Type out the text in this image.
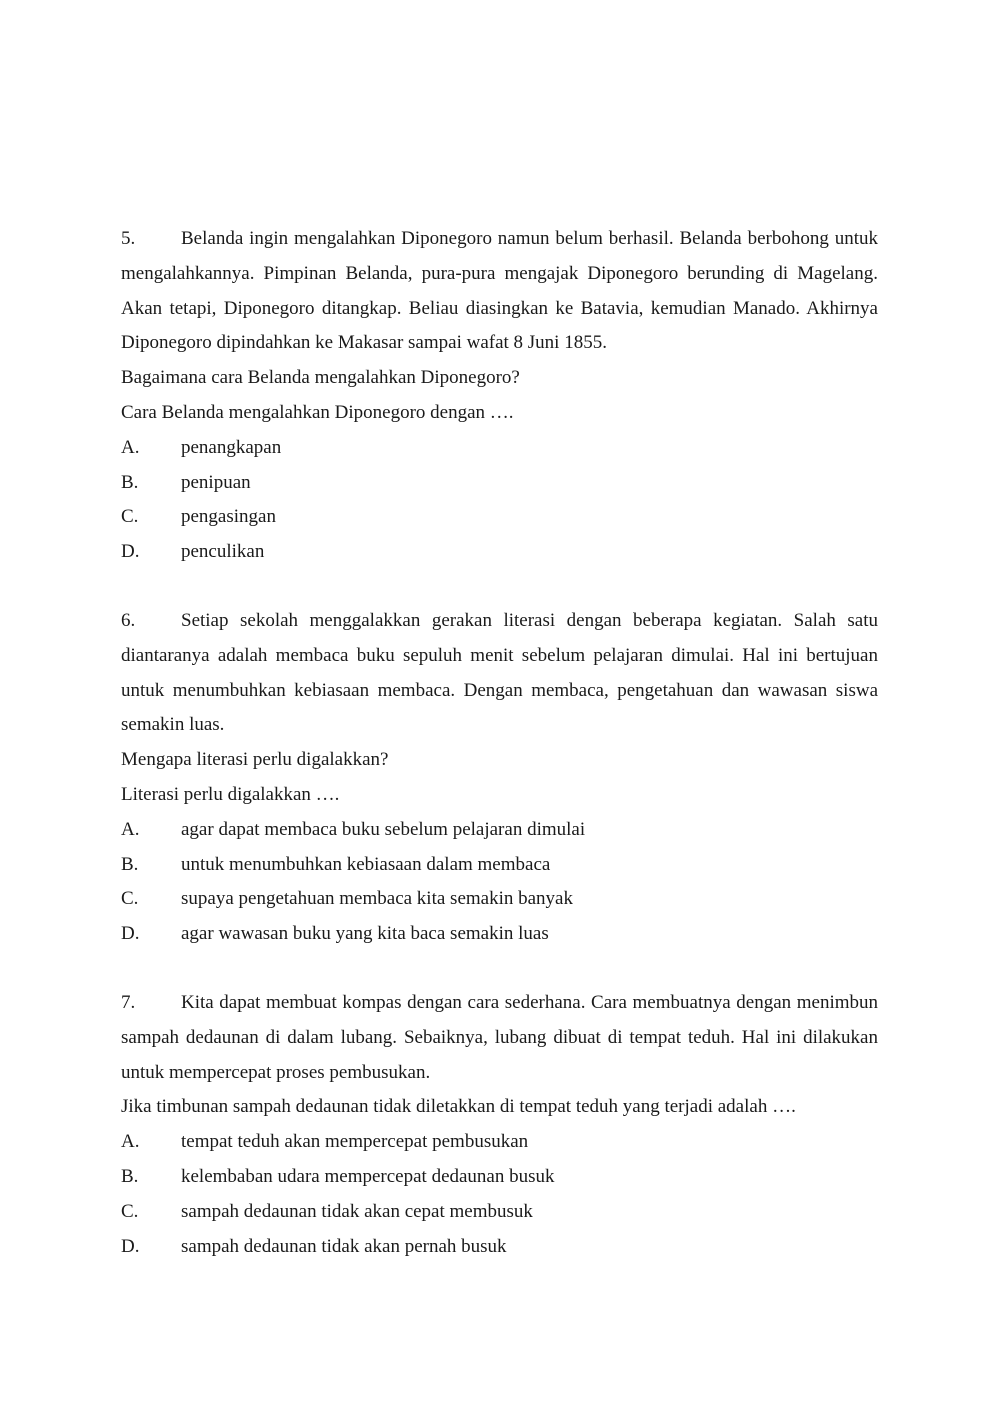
5. Belanda ingin mengalahkan Diponegoro namun belum berhasil. Belanda berbohong untuk mengalahkannya. Pimpinan Belanda, pura-pura mengajak Diponegoro berunding di Magelang. Akan tetapi, Diponegoro ditangkap. Beliau diasingkan ke Batavia, kemudian Manado. Akhirnya Diponegoro dipindahkan ke Makasar sampai wafat 8 Juni 1855.

Bagaimana cara Belanda mengalahkan Diponegoro?

Cara Belanda mengalahkan Diponegoro dengan ….

A.	penangkapan
B.	penipuan
C.	pengasingan
D.	penculikan

6. Setiap sekolah menggalakkan gerakan literasi dengan beberapa kegiatan. Salah satu diantaranya adalah membaca buku sepuluh menit sebelum pelajaran dimulai. Hal ini bertujuan untuk menumbuhkan kebiasaan membaca. Dengan membaca, pengetahuan dan wawasan siswa semakin luas.

Mengapa literasi perlu digalakkan?

Literasi perlu digalakkan ….

A.	agar dapat membaca buku sebelum pelajaran dimulai
B.	untuk menumbuhkan kebiasaan dalam membaca
C.	supaya pengetahuan membaca kita semakin banyak
D.	agar wawasan buku yang kita baca semakin luas

7. Kita dapat membuat kompas dengan cara sederhana. Cara membuatnya dengan menimbun sampah dedaunan di dalam lubang. Sebaiknya, lubang dibuat di tempat teduh. Hal ini dilakukan untuk mempercepat proses pembusukan.

Jika timbunan sampah dedaunan tidak diletakkan di tempat teduh yang terjadi adalah ….

A.	tempat teduh akan mempercepat pembusukan
B.	kelembaban udara mempercepat dedaunan busuk
C.	sampah dedaunan tidak akan cepat membusuk
D.	sampah dedaunan tidak akan pernah busuk
